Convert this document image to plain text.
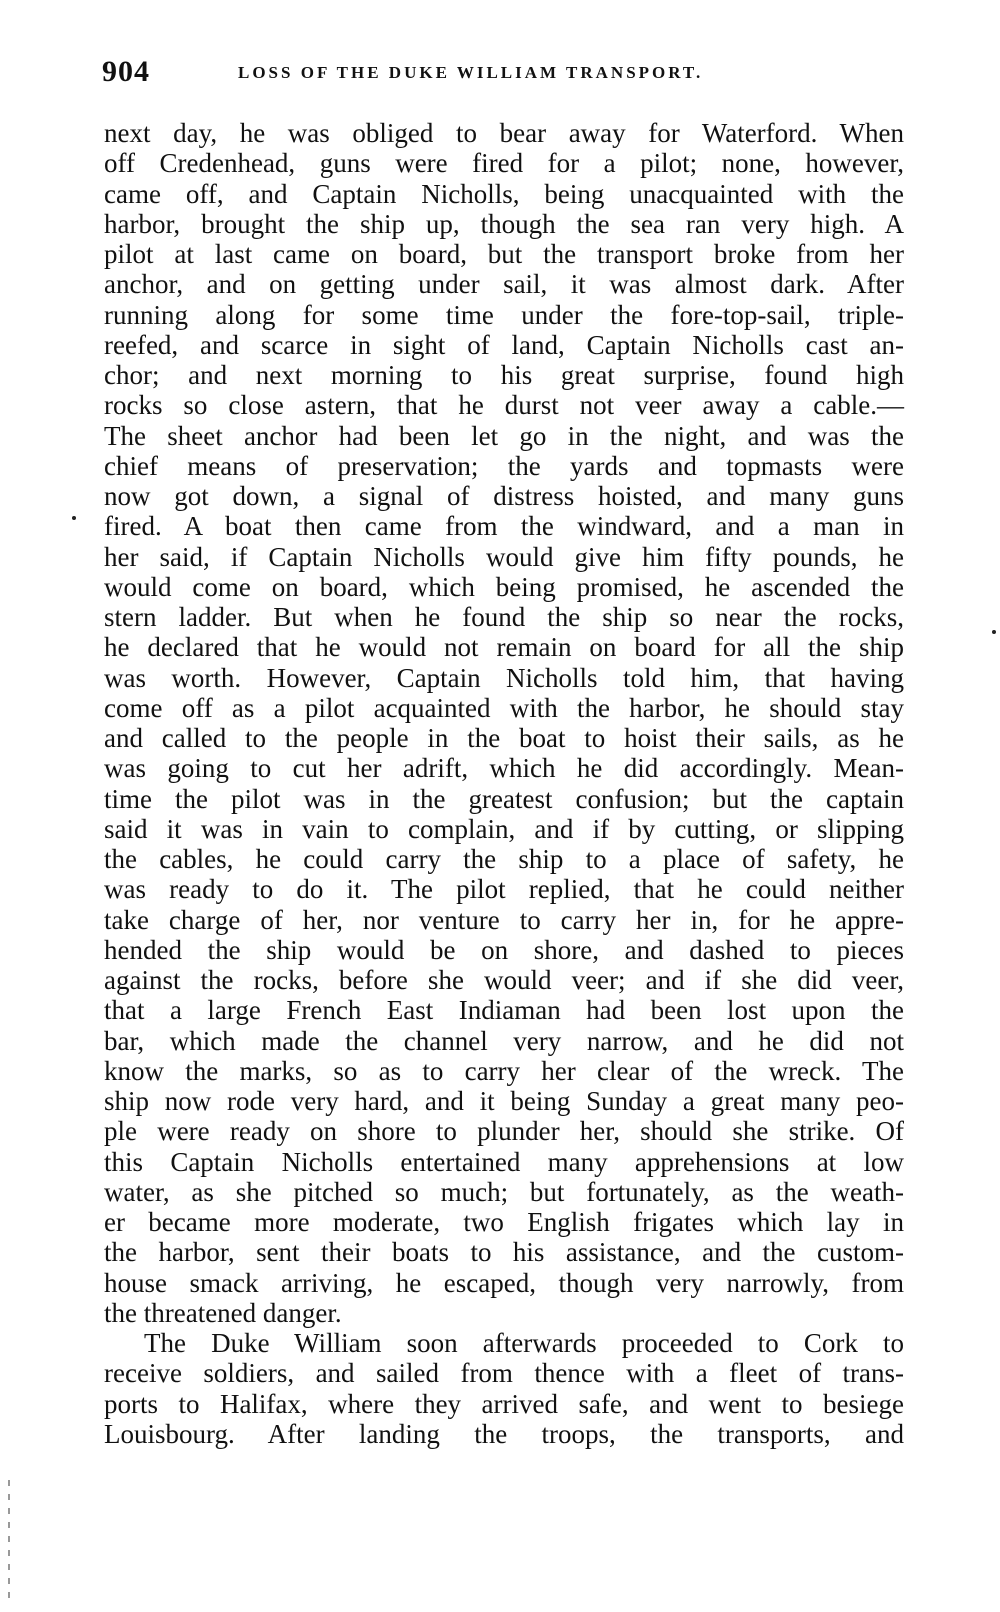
904	LOSS OF THE DUKE WILLIAM TRANSPORT.
next day, he was obliged to bear away for Waterford. When
off Credenhead, guns were fired for a pilot; none, however,
came off, and Captain Nicholls, being unacquainted with the
harbor, brought the ship up, though the sea ran very high. A
pilot at last came on board, but the transport broke from her
anchor, and on getting under sail, it was almost dark. After
running along for some time under the fore-top-sail, triple-
reefed, and scarce in sight of land, Captain Nicholls cast an-
chor; and next morning to his great surprise, found high
rocks so close astern, that he durst not veer away a cable.—
The sheet anchor had been let go in the night, and was the
chief means of preservation; the yards and topmasts were
now got down, a signal of distress hoisted, and many guns
fired. A boat then came from the windward, and a man in
her said, if Captain Nicholls would give him fifty pounds, he
would come on board, which being promised, he ascended the
stern ladder. But when he found the ship so near the rocks,
he declared that he would not remain on board for all the ship
was worth. However, Captain Nicholls told him, that having
come off as a pilot acquainted with the harbor, he should stay
and called to the people in the boat to hoist their sails, as he
was going to cut her adrift, which he did accordingly. Mean-
time the pilot was in the greatest confusion; but the captain
said it was in vain to complain, and if by cutting, or slipping
the cables, he could carry the ship to a place of safety, he
was ready to do it. The pilot replied, that he could neither
take charge of her, nor venture to carry her in, for he appre-
hended the ship would be on shore, and dashed to pieces
against the rocks, before she would veer; and if she did veer,
that a large French East Indiaman had been lost upon the
bar, which made the channel very narrow, and he did not
know the marks, so as to carry her clear of the wreck. The
ship now rode very hard, and it being Sunday a great many peo-
ple were ready on shore to plunder her, should she strike. Of
this Captain Nicholls entertained many apprehensions at low
water, as she pitched so much; but fortunately, as the weath-
er became more moderate, two English frigates which lay in
the harbor, sent their boats to his assistance, and the custom-
house smack arriving, he escaped, though very narrowly, from
the threatened danger.
The Duke William soon afterwards proceeded to Cork to
receive soldiers, and sailed from thence with a fleet of trans-
ports to Halifax, where they arrived safe, and went to besiege
Louisbourg. After landing the troops, the transports, and
